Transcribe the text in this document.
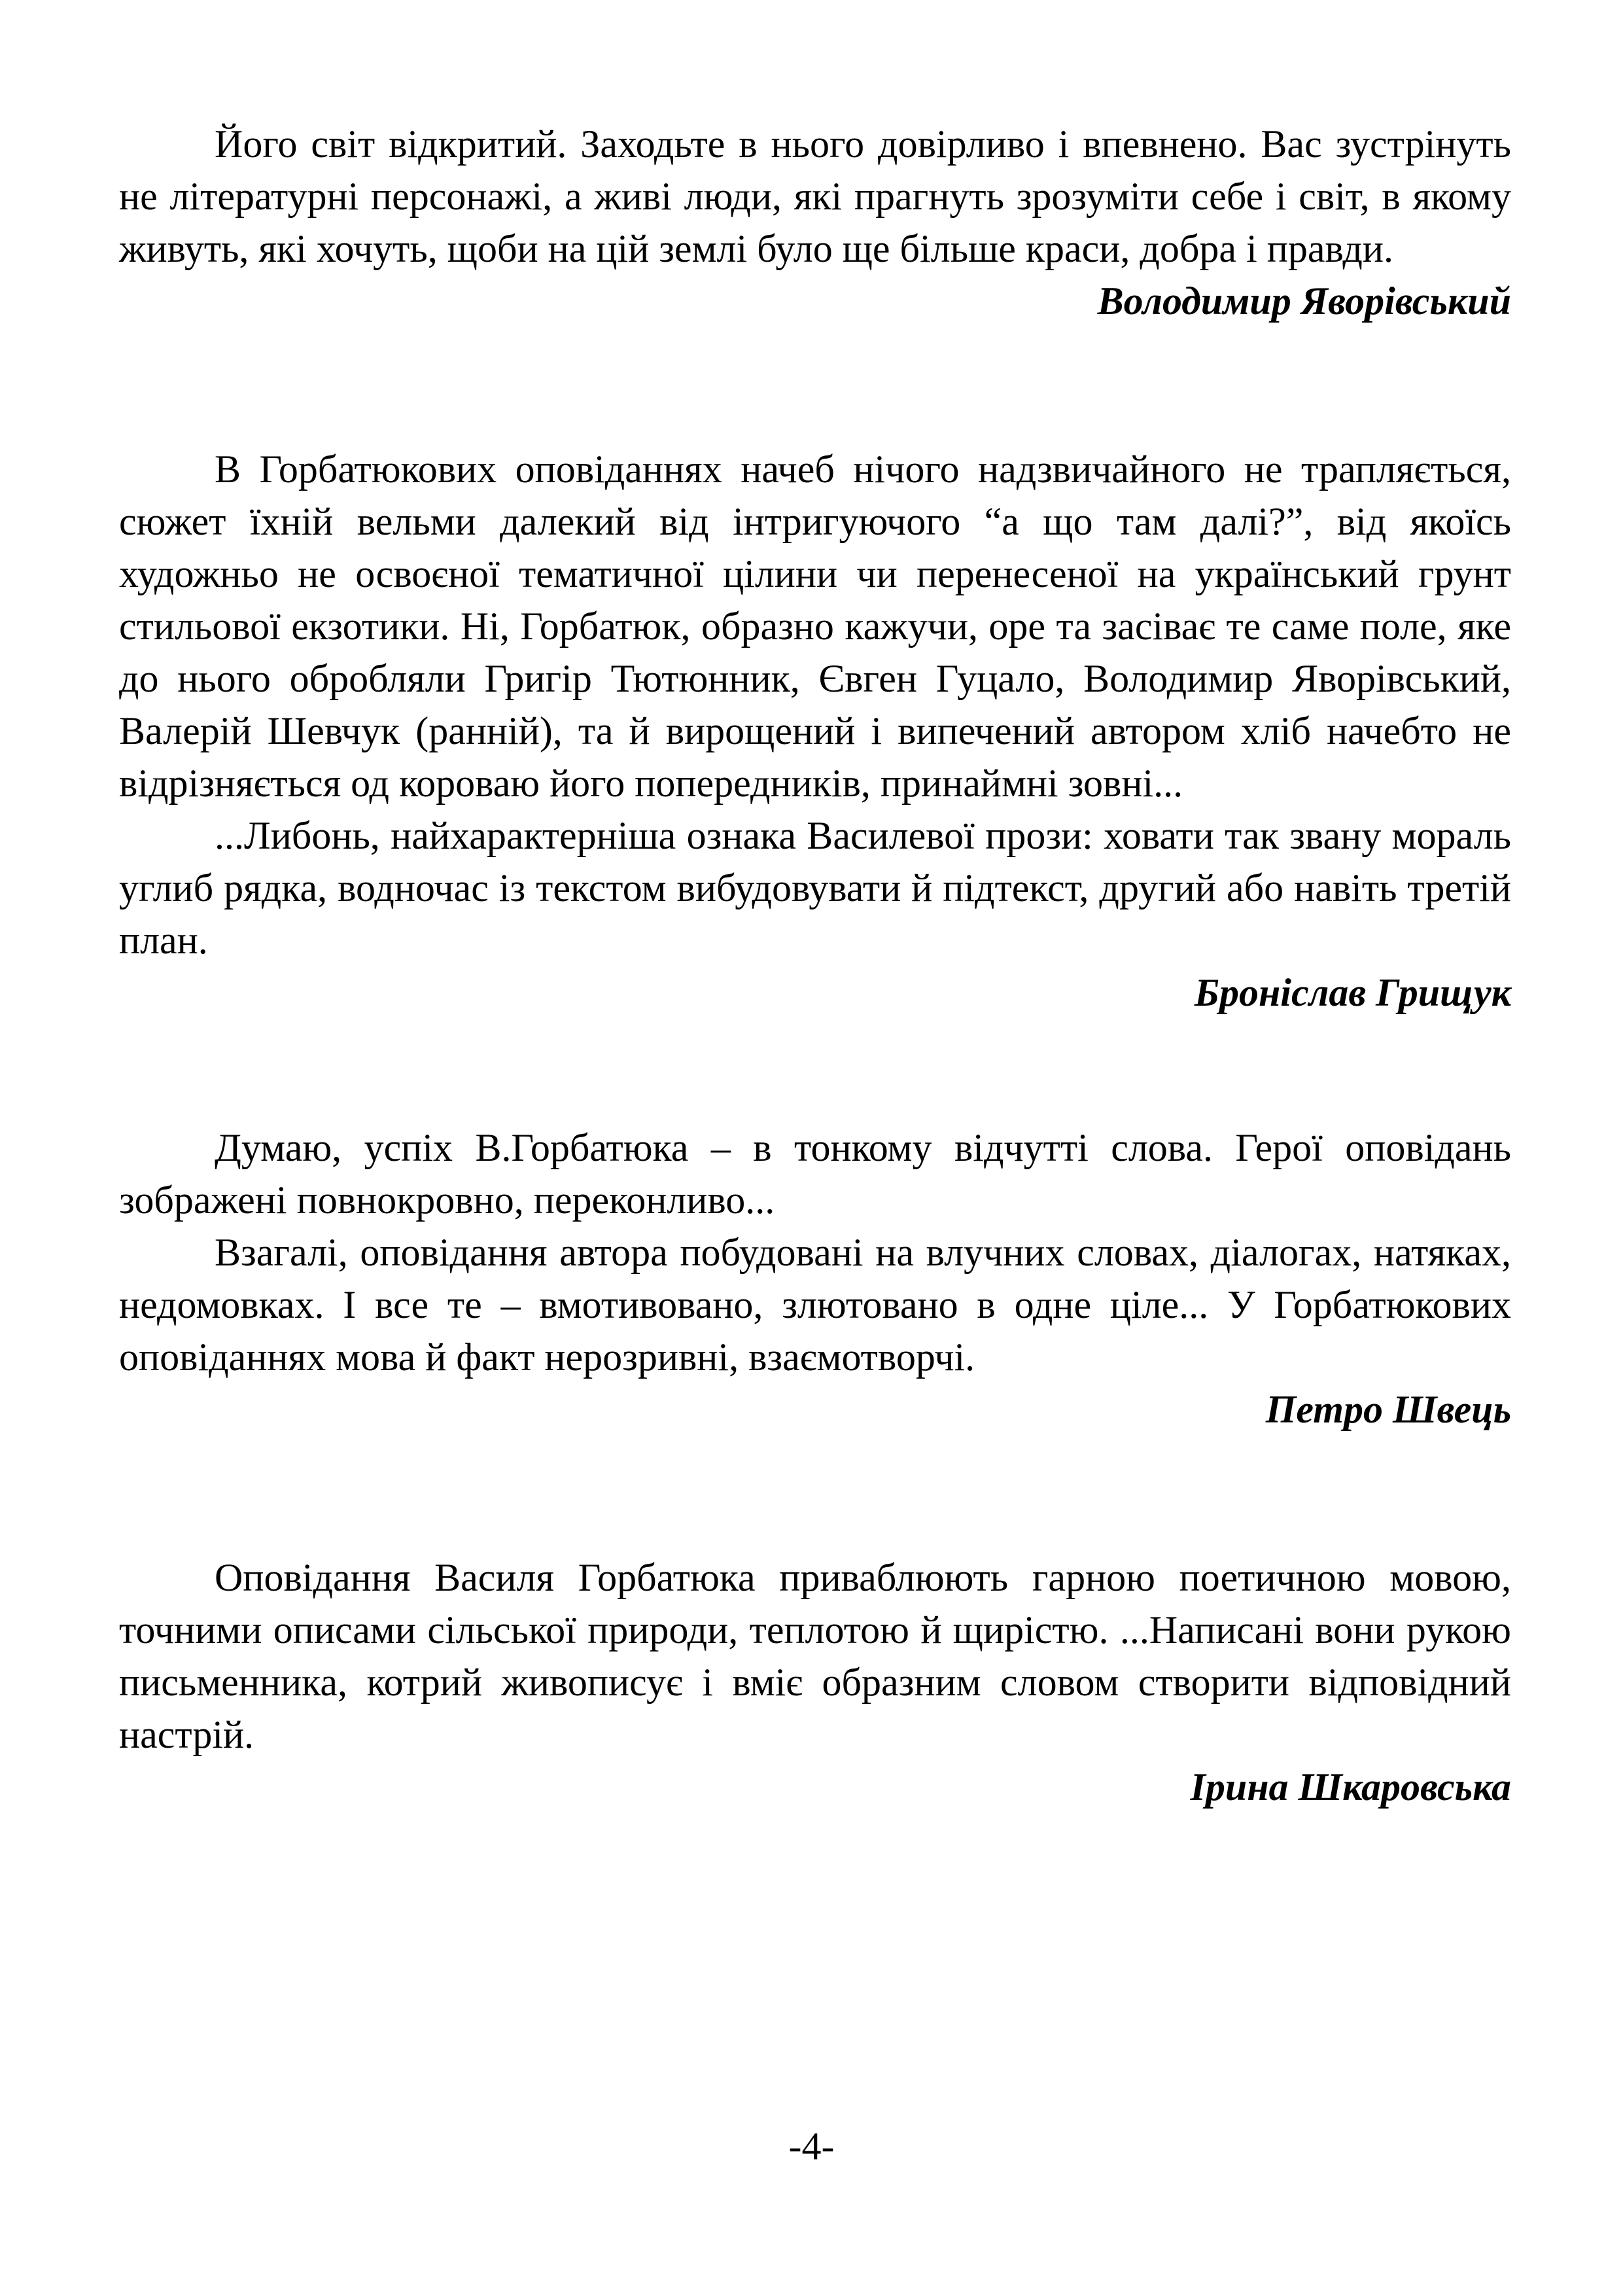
Його світ відкритий. Заходьте в нього довірливо і впевнено. Вас зустрінуть не літературні персонажі, а живі люди, які прагнуть зрозуміти себе і світ, в якому живуть, які хочуть, щоби на цій землі було ще більше краси, добра і правди.

Володимир Яворівський

В Горбатюкових оповіданнях начеб нічого надзвичайного не трапляється, сюжет їхній вельми далекий від інтригуючого “а що там далі?”, від якоїсь художньо не освоєної тематичної цілини чи перенесеної на український грунт стильової екзотики. Ні, Горбатюк, образно кажучи, оре та засіває те саме поле, яке до нього обробляли Григір Тютюнник, Євген Гуцало, Володимир Яворівський, Валерій Шевчук (ранній), та й вирощений і випечений автором хліб начебто не відрізняється од короваю його попередників, принаймні зовні...

...Либонь, найхарактерніша ознака Василевої прози: ховати так звану мораль углиб рядка, водночас із текстом вибудовувати й підтекст, другий або навіть третій план.

Броніслав Грищук

Думаю, успіх В.Горбатюка – в тонкому відчутті слова. Герої оповідань зображені повнокровно, переконливо...

Взагалі, оповідання автора побудовані на влучних словах, діалогах, натяках, недомовках. І все те – вмотивовано, злютовано в одне ціле... У Горбатюкових оповіданнях мова й факт нерозривні, взаємотворчі.

Петро Швець

Оповідання Василя Горбатюка приваблюють гарною поетичною мовою, точними описами сільської природи, теплотою й щирістю. ...Написані вони рукою письменника, котрий живописує і вміє образним словом створити відповідний настрій.

Ірина Шкаровська

-4-
